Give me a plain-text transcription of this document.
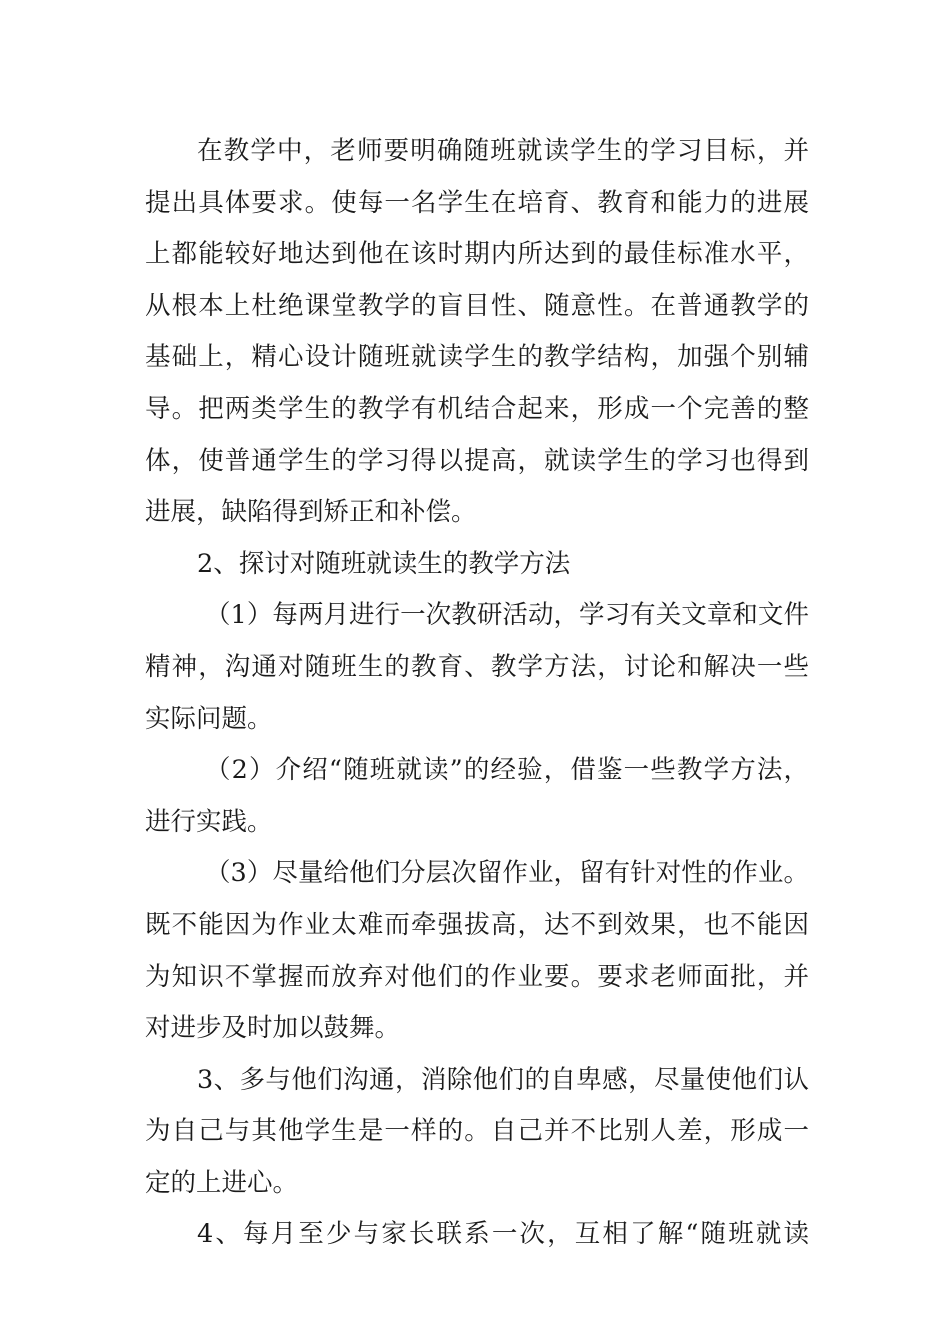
在教学中，老师要明确随班就读学生的学习目标，并
提出具体要求。使每一名学生在培育、教育和能力的进展
上都能较好地达到他在该时期内所达到的最佳标准水平，
从根本上杜绝课堂教学的盲目性、随意性。在普通教学的
基础上，精心设计随班就读学生的教学结构，加强个别辅
导。把两类学生的教学有机结合起来，形成一个完善的整
体，使普通学生的学习得以提高，就读学生的学习也得到
进展，缺陷得到矫正和补偿。
2、探讨对随班就读生的教学方法
（1）每两月进行一次教研活动，学习有关文章和文件
精神，沟通对随班生的教育、教学方法，讨论和解决一些
实际问题。
（2）介绍“随班就读”的经验，借鉴一些教学方法，
进行实践。
（3）尽量给他们分层次留作业，留有针对性的作业。
既不能因为作业太难而牵强拔高，达不到效果，也不能因
为知识不掌握而放弃对他们的作业要。要求老师面批，并
对进步及时加以鼓舞。
3、多与他们沟通，消除他们的自卑感，尽量使他们认
为自己与其他学生是一样的。自己并不比别人差，形成一
定的上进心。
4、每月至少与家长联系一次，互相了解“随班就读
